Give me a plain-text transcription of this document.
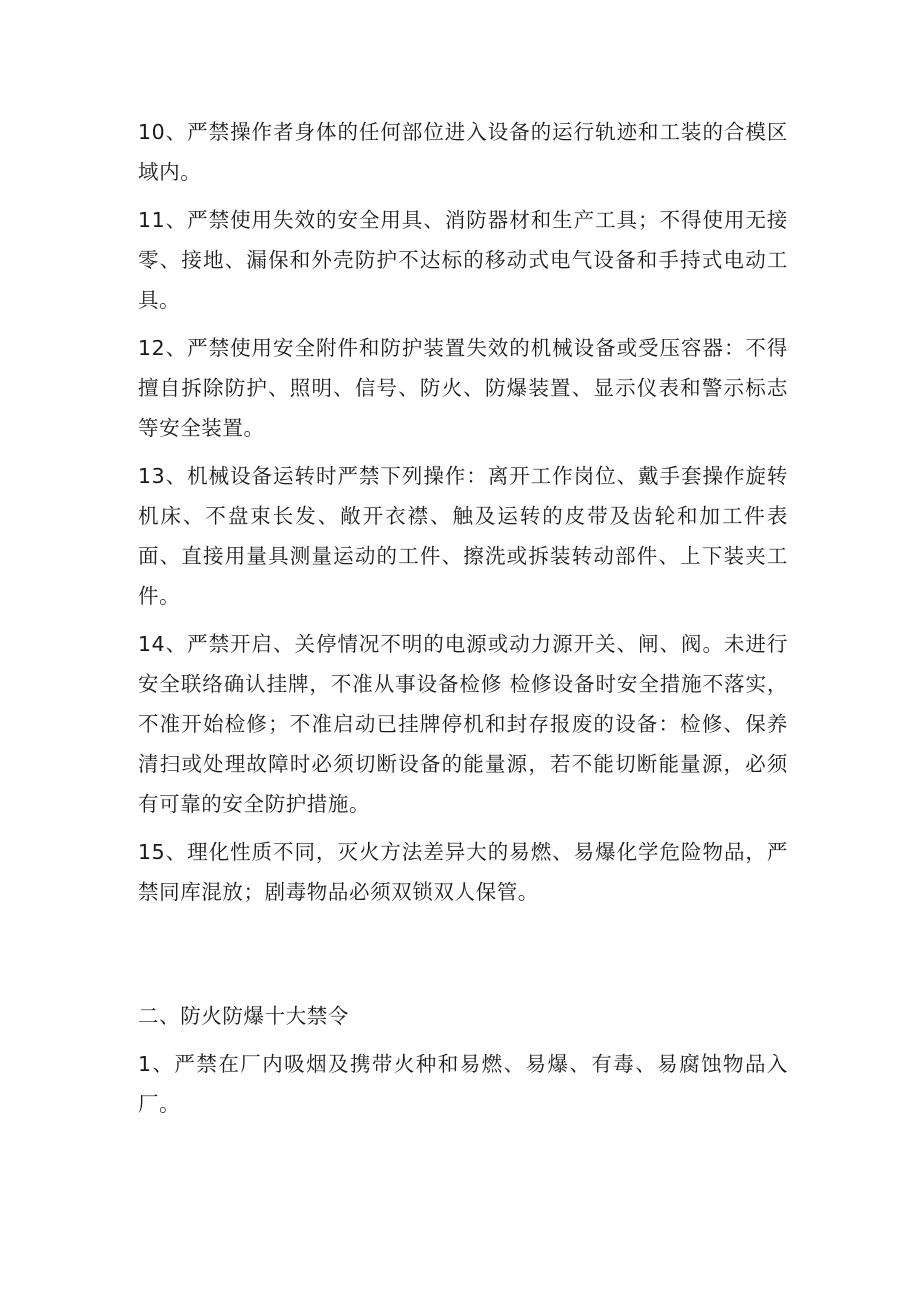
10、严禁操作者身体的任何部位进入设备的运行轨迹和工装的合模区域内。

11、严禁使用失效的安全用具、消防器材和生产工具；不得使用无接零、接地、漏保和外壳防护不达标的移动式电气设备和手持式电动工具。

12、严禁使用安全附件和防护装置失效的机械设备或受压容器：不得擅自拆除防护、照明、信号、防火、防爆装置、显示仪表和警示标志等安全装置。

13、机械设备运转时严禁下列操作：离开工作岗位、戴手套操作旋转机床、不盘束长发、敞开衣襟、触及运转的皮带及齿轮和加工件表面、直接用量具测量运动的工件、擦洗或拆装转动部件、上下装夹工件。

14、严禁开启、关停情况不明的电源或动力源开关、闸、阀。未进行安全联络确认挂牌，不准从事设备检修 检修设备时安全措施不落实，不准开始检修；不准启动已挂牌停机和封存报废的设备：检修、保养清扫或处理故障时必须切断设备的能量源，若不能切断能量源，必须有可靠的安全防护措施。

15、理化性质不同，灭火方法差异大的易燃、易爆化学危险物品，严禁同库混放；剧毒物品必须双锁双人保管。

二、防火防爆十大禁令

1、严禁在厂内吸烟及携带火种和易燃、易爆、有毒、易腐蚀物品入厂。
